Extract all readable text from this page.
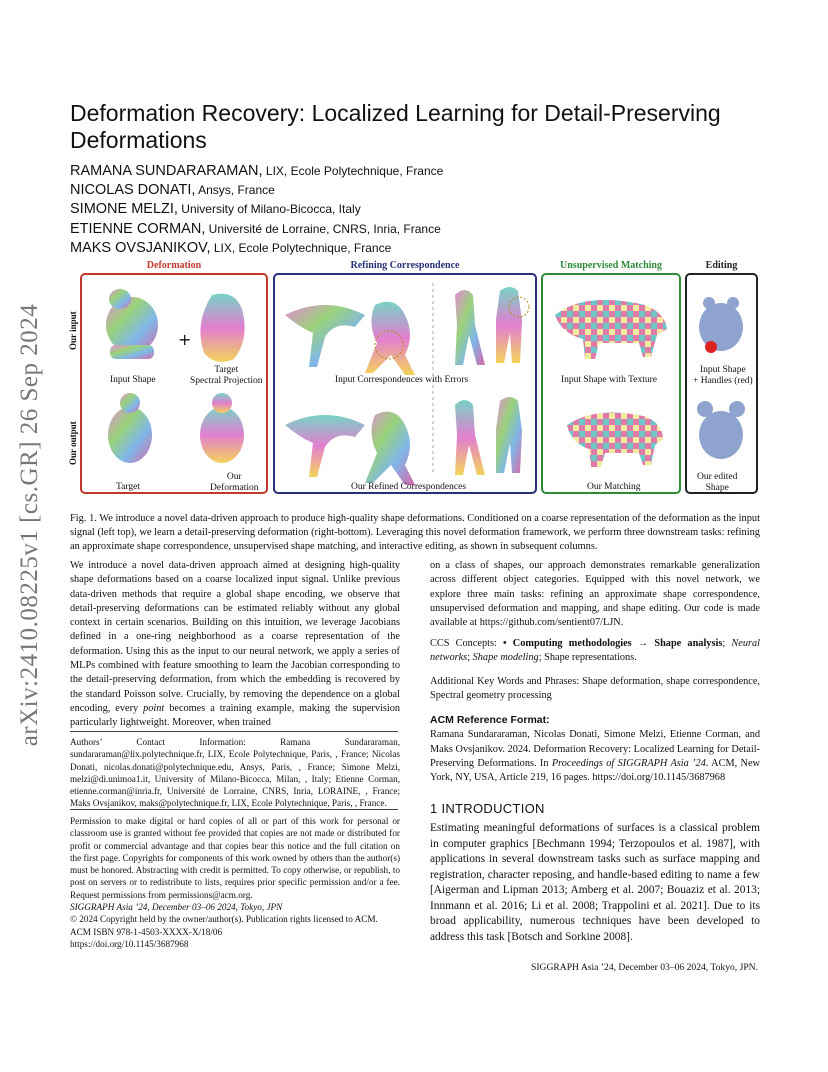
arXiv:2410.08225v1 [cs.GR] 26 Sep 2024
Deformation Recovery: Localized Learning for Detail-Preserving Deformations
RAMANA SUNDARARAMAN, LIX, Ecole Polytechnique, France
NICOLAS DONATI, Ansys, France
SIMONE MELZI, University of Milano-Bicocca, Italy
ETIENNE CORMAN, Université de Lorraine, CNRS, Inria, France
MAKS OVSJANIKOV, LIX, Ecole Polytechnique, France
Our input
Our output
Deformation
+
Input Shape
Target
Spectral Projection
Target
Our
Deformation
Refining Correspondence
Input Correspondences with Errors
Our Refined Correspondences
Unsupervised Matching
Input Shape with Texture
Our Matching
Editing
Input Shape
+ Handles (red)
Our edited
Shape
Fig. 1. We introduce a novel data-driven approach to produce high-quality shape deformations. Conditioned on a coarse representation of the deformation as the input signal (left top), we learn a detail-preserving deformation (right-bottom). Leveraging this novel deformation framework, we perform three downstream tasks: refining an approximate shape correspondence, unsupervised shape matching, and interactive editing, as shown in subsequent columns.

We introduce a novel data-driven approach aimed at designing high-quality shape deformations based on a coarse localized input signal. Unlike previous data-driven methods that require a global shape encoding, we observe that detail-preserving deformations can be estimated reliably without any global context in certain scenarios. Building on this intuition, we leverage Jacobians defined in a one-ring neighborhood as a coarse representation of the deformation. Using this as the input to our neural network, we apply a series of MLPs combined with feature smoothing to learn the Jacobian corresponding to the detail-preserving deformation, from which the embedding is recovered by the standard Poisson solve. Crucially, by removing the dependence on a global encoding, every point becomes a training example, making the supervision particularly lightweight. Moreover, when trained

Authors’ Contact Information: Ramana Sundararaman, sundararaman@lix.polytechnique.fr, LIX, Ecole Polytechnique, Paris, , France; Nicolas Donati, nicolas.donati@polytechnique.edu, Ansys, Paris, , France; Simone Melzi, melzi@di.unimoa1.it, University of Milano-Bicocca, Milan, , Italy; Etienne Corman, etienne.corman@inria.fr, Université de Lorraine, CNRS, Inria, LORAINE, , France; Maks Ovsjanikov, maks@polytechnique.fr, LIX, Ecole Polytechnique, Paris, , France.

Permission to make digital or hard copies of all or part of this work for personal or classroom use is granted without fee provided that copies are not made or distributed for profit or commercial advantage and that copies bear this notice and the full citation on the first page. Copyrights for components of this work owned by others than the author(s) must be honored. Abstracting with credit is permitted. To copy otherwise, or republish, to post on servers or to redistribute to lists, requires prior specific permission and/or a fee. Request permissions from permissions@acm.org.

SIGGRAPH Asia ’24, December 03–06 2024, Tokyo, JPN

© 2024 Copyright held by the owner/author(s). Publication rights licensed to ACM.

ACM ISBN 978-1-4503-XXXX-X/18/06

https://doi.org/10.1145/3687968

on a class of shapes, our approach demonstrates remarkable generalization across different object categories. Equipped with this novel network, we explore three main tasks: refining an approximate shape correspondence, unsupervised deformation and mapping, and shape editing. Our code is made available at https://github.com/sentient07/LJN.

CCS Concepts: • Computing methodologies → Shape analysis; Neural networks; Shape modeling; Shape representations.

Additional Key Words and Phrases: Shape deformation, shape correspondence, Spectral geometry processing

ACM Reference Format:

Ramana Sundararaman, Nicolas Donati, Simone Melzi, Etienne Corman, and Maks Ovsjanikov. 2024. Deformation Recovery: Localized Learning for Detail-Preserving Deformations. In Proceedings of SIGGRAPH Asia ’24. ACM, New York, NY, USA, Article 219, 16 pages. https://doi.org/10.1145/3687968

1 INTRODUCTION
Estimating meaningful deformations of surfaces is a classical problem in computer graphics [Bechmann 1994; Terzopoulos et al. 1987], with applications in several downstream tasks such as surface mapping and registration, character reposing, and handle-based editing to name a few [Aigerman and Lipman 2013; Amberg et al. 2007; Bouaziz et al. 2013; Innmann et al. 2016; Li et al. 2008; Trappolini et al. 2021]. Due to its broad applicability, numerous techniques have been developed to address this task [Botsch and Sorkine 2008].
SIGGRAPH Asia ’24, December 03–06 2024, Tokyo, JPN.
